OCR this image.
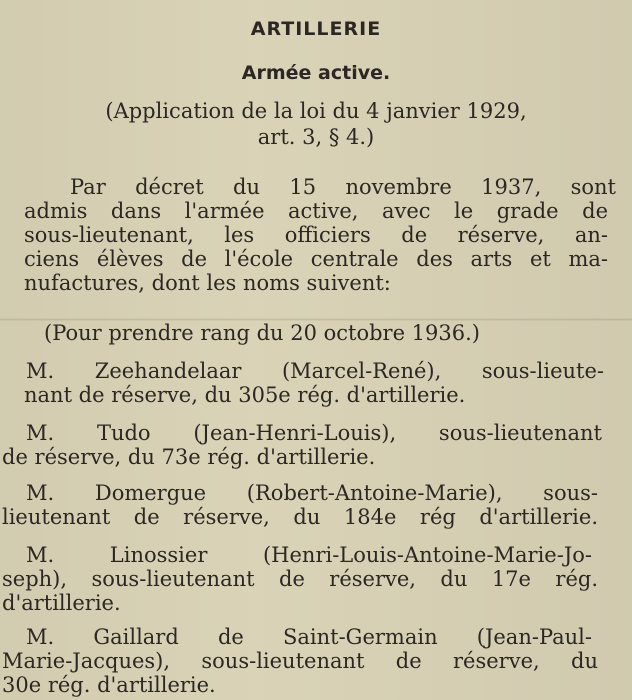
ARTILLERIE
Armée active.
(Application de la loi du 4 janvier 1929,
art. 3, § 4.)
Par décret du 15 novembre 1937, sont
admis dans l'armée active, avec le grade de
sous-lieutenant, les officiers de réserve, an-
ciens élèves de l'école centrale des arts et ma-
nufactures, dont les noms suivent:
(Pour prendre rang du 20 octobre 1936.)
M. Zeehandelaar (Marcel-René), sous-lieute-
nant de réserve, du 305e rég. d'artillerie.
M. Tudo (Jean-Henri-Louis), sous-lieutenant
de réserve, du 73e rég. d'artillerie.
M. Domergue (Robert-Antoine-Marie), sous-
lieutenant de réserve, du 184e rég d'artillerie.
M. Linossier (Henri-Louis-Antoine-Marie-Jo-
seph), sous-lieutenant de réserve, du 17e rég.
d'artillerie.
M. Gaillard de Saint-Germain (Jean-Paul-
Marie-Jacques), sous-lieutenant de réserve, du
30e rég. d'artillerie.
